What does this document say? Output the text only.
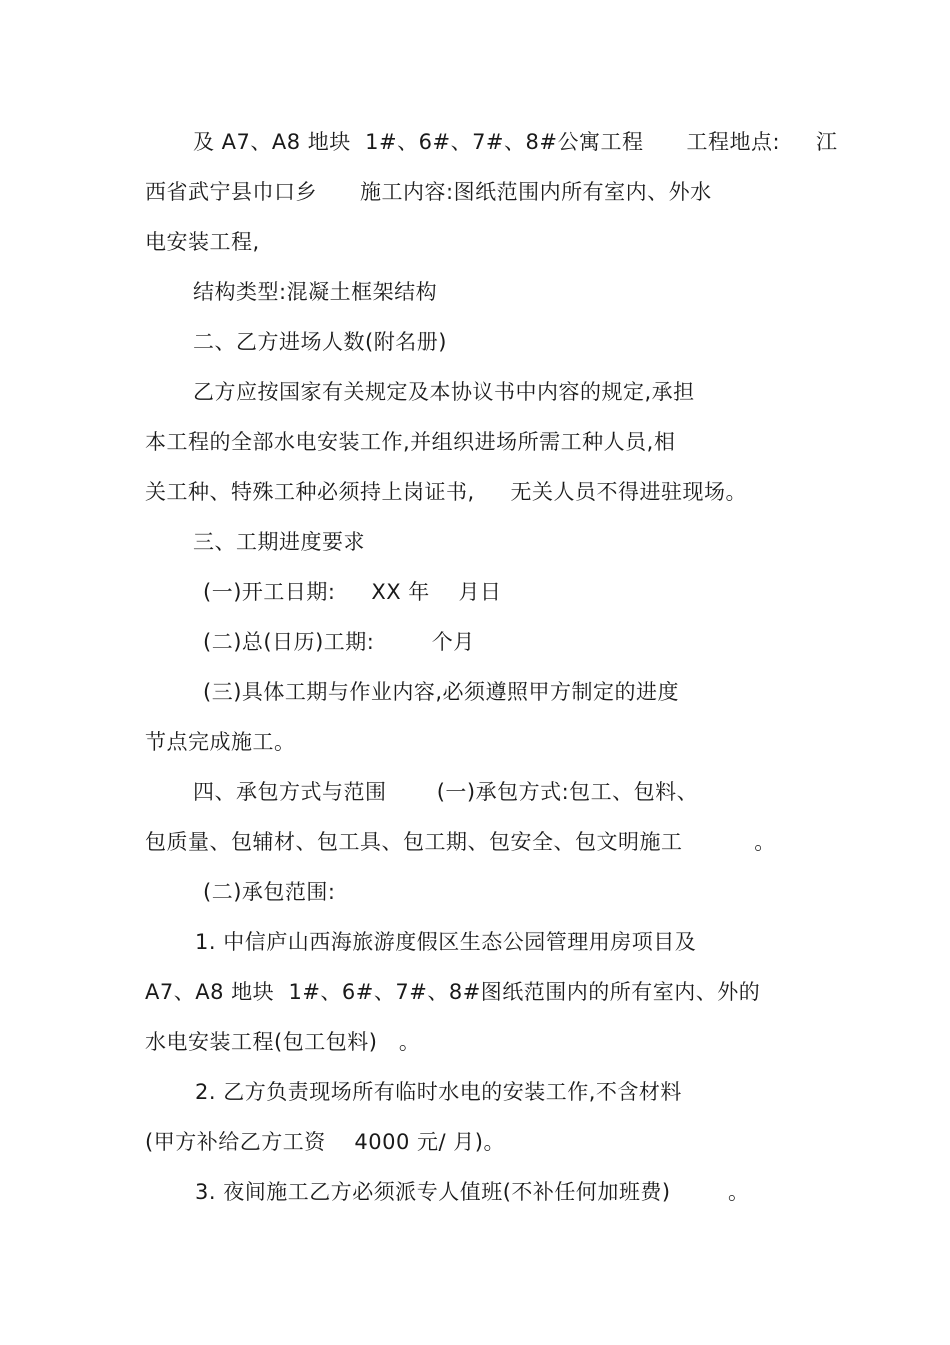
及 A7、A8 地块  1#、6#、7#、8#公寓工程      工程地点:     江
西省武宁县巾口乡      施工内容:图纸范围内所有室内、外水
电安装工程,
结构类型:混凝土框架结构
二、乙方进场人数(附名册)
乙方应按国家有关规定及本协议书中内容的规定,承担
本工程的全部水电安装工作,并组织进场所需工种人员,相
关工种、特殊工种必须持上岗证书,     无关人员不得进驻现场。
三、工期进度要求
(一)开工日期:     XX 年    月日
(二)总(日历)工期:        个月
(三)具体工期与作业内容,必须遵照甲方制定的进度
节点完成施工。
四、承包方式与范围       (一)承包方式:包工、包料、
包质量、包辅材、包工具、包工期、包安全、包文明施工          。
(二)承包范围:
1. 中信庐山西海旅游度假区生态公园管理用房项目及
A7、A8 地块  1#、6#、7#、8#图纸范围内的所有室内、外的
水电安装工程(包工包料)   。
2. 乙方负责现场所有临时水电的安装工作,不含材料
(甲方补给乙方工资    4000 元/ 月)。
3. 夜间施工乙方必须派专人值班(不补任何加班费)        。
